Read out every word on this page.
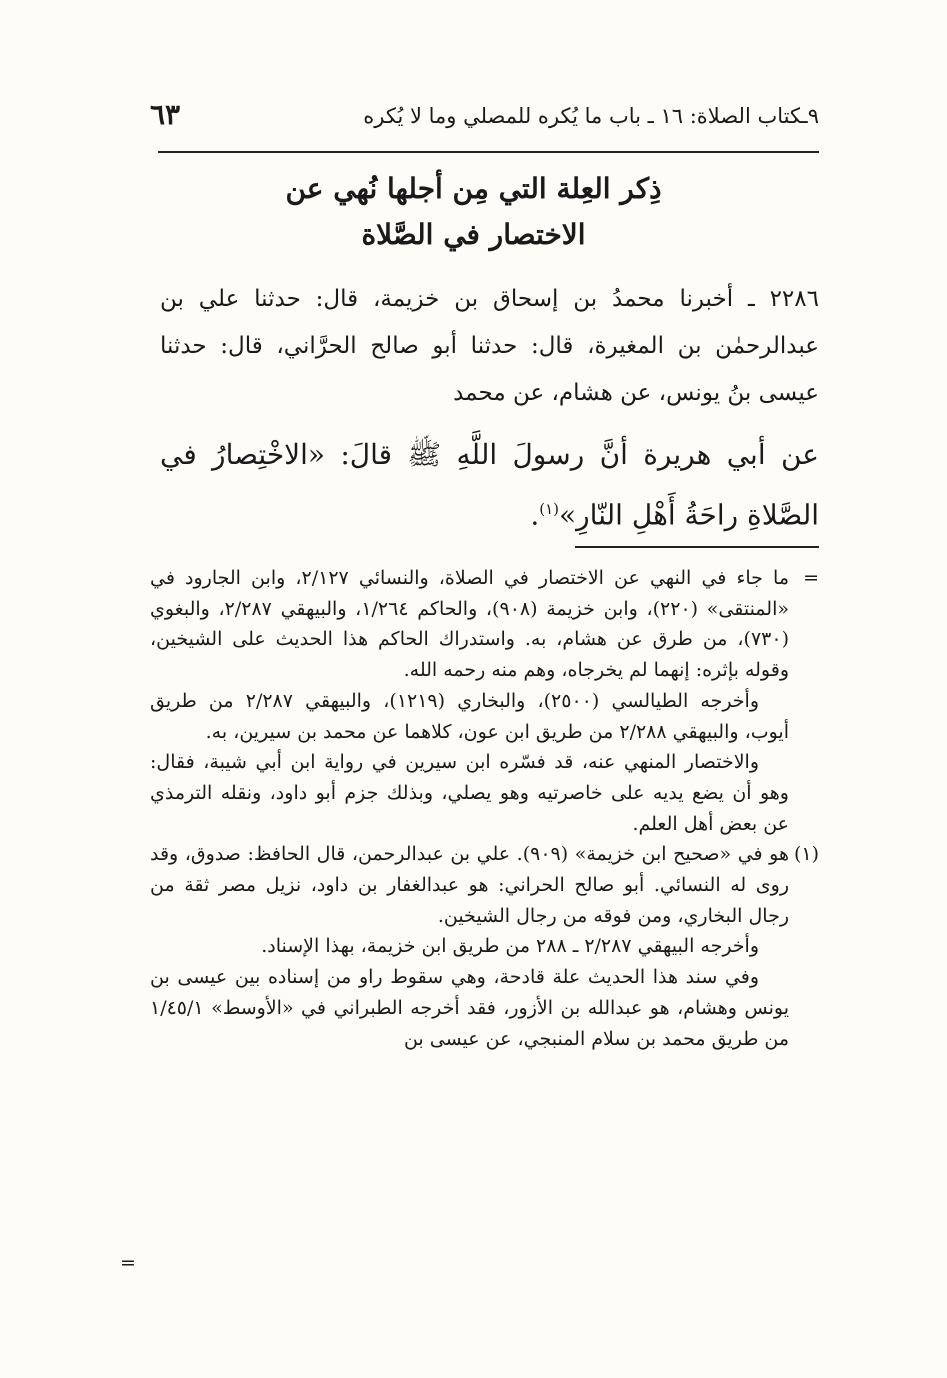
٩ـكتاب الصلاة: ١٦ ـ باب ما يُكره للمصلي وما لا يُكره
٦٣
ذِكر العِلة التي مِن أجلها نُهي عن
الاختصار في الصَّلاة
٢٢٨٦ ـ أخبرنا محمدُ بن إسحاق بن خزيمة، قال: حدثنا علي بن عبدالرحمٰن بن المغيرة، قال: حدثنا أبو صالح الحرَّاني، قال: حدثنا عيسى بنُ يونس، عن هشام، عن محمد
عن أبي هريرة أنَّ رسولَ اللَّهِ ﷺ قالَ: «الاخْتِصارُ في الصَّلاةِ راحَةُ أَهْلِ النّارِ»$^{(١)}$.
=

ما جاء في النهي عن الاختصار في الصلاة، والنسائي ٢/١٢٧، وابن الجارود في «المنتقى» (٢٢٠)، وابن خزيمة (٩٠٨)، والحاكم ١/٢٦٤، والبيهقي ٢/٢٨٧، والبغوي (٧٣٠)، من طرق عن هشام، به. واستدراك الحاكم هذا الحديث على الشيخين، وقوله بإثره: إنهما لم يخرجاه، وهم منه رحمه الله.

وأخرجه الطيالسي (٢٥٠٠)، والبخاري (١٢١٩)، والبيهقي ٢/٢٨٧ من طريق أيوب، والبيهقي ٢/٢٨٨ من طريق ابن عون، كلاهما عن محمد بن سيرين، به.

والاختصار المنهي عنه، قد فسّره ابن سيرين في رواية ابن أبي شيبة، فقال: وهو أن يضع يديه على خاصرتيه وهو يصلي، وبذلك جزم أبو داود، ونقله الترمذي عن بعض أهل العلم.

(١)

هو في «صحيح ابن خزيمة» (٩٠٩). علي بن عبدالرحمن، قال الحافظ: صدوق، وقد روى له النسائي. أبو صالح الحراني: هو عبدالغفار بن داود، نزيل مصر ثقة من رجال البخاري، ومن فوقه من رجال الشيخين.

وأخرجه البيهقي ٢/٢٨٧ ـ ٢٨٨ من طريق ابن خزيمة، بهذا الإسناد.

وفي سند هذا الحديث علة قادحة، وهي سقوط راو من إسناده بين عيسى بن يونس وهشام، هو عبدالله بن الأزور، فقد أخرجه الطبراني في «الأوسط» ١/٤٥/١ من طريق محمد بن سلام المنبجي، عن عيسى بن

=
